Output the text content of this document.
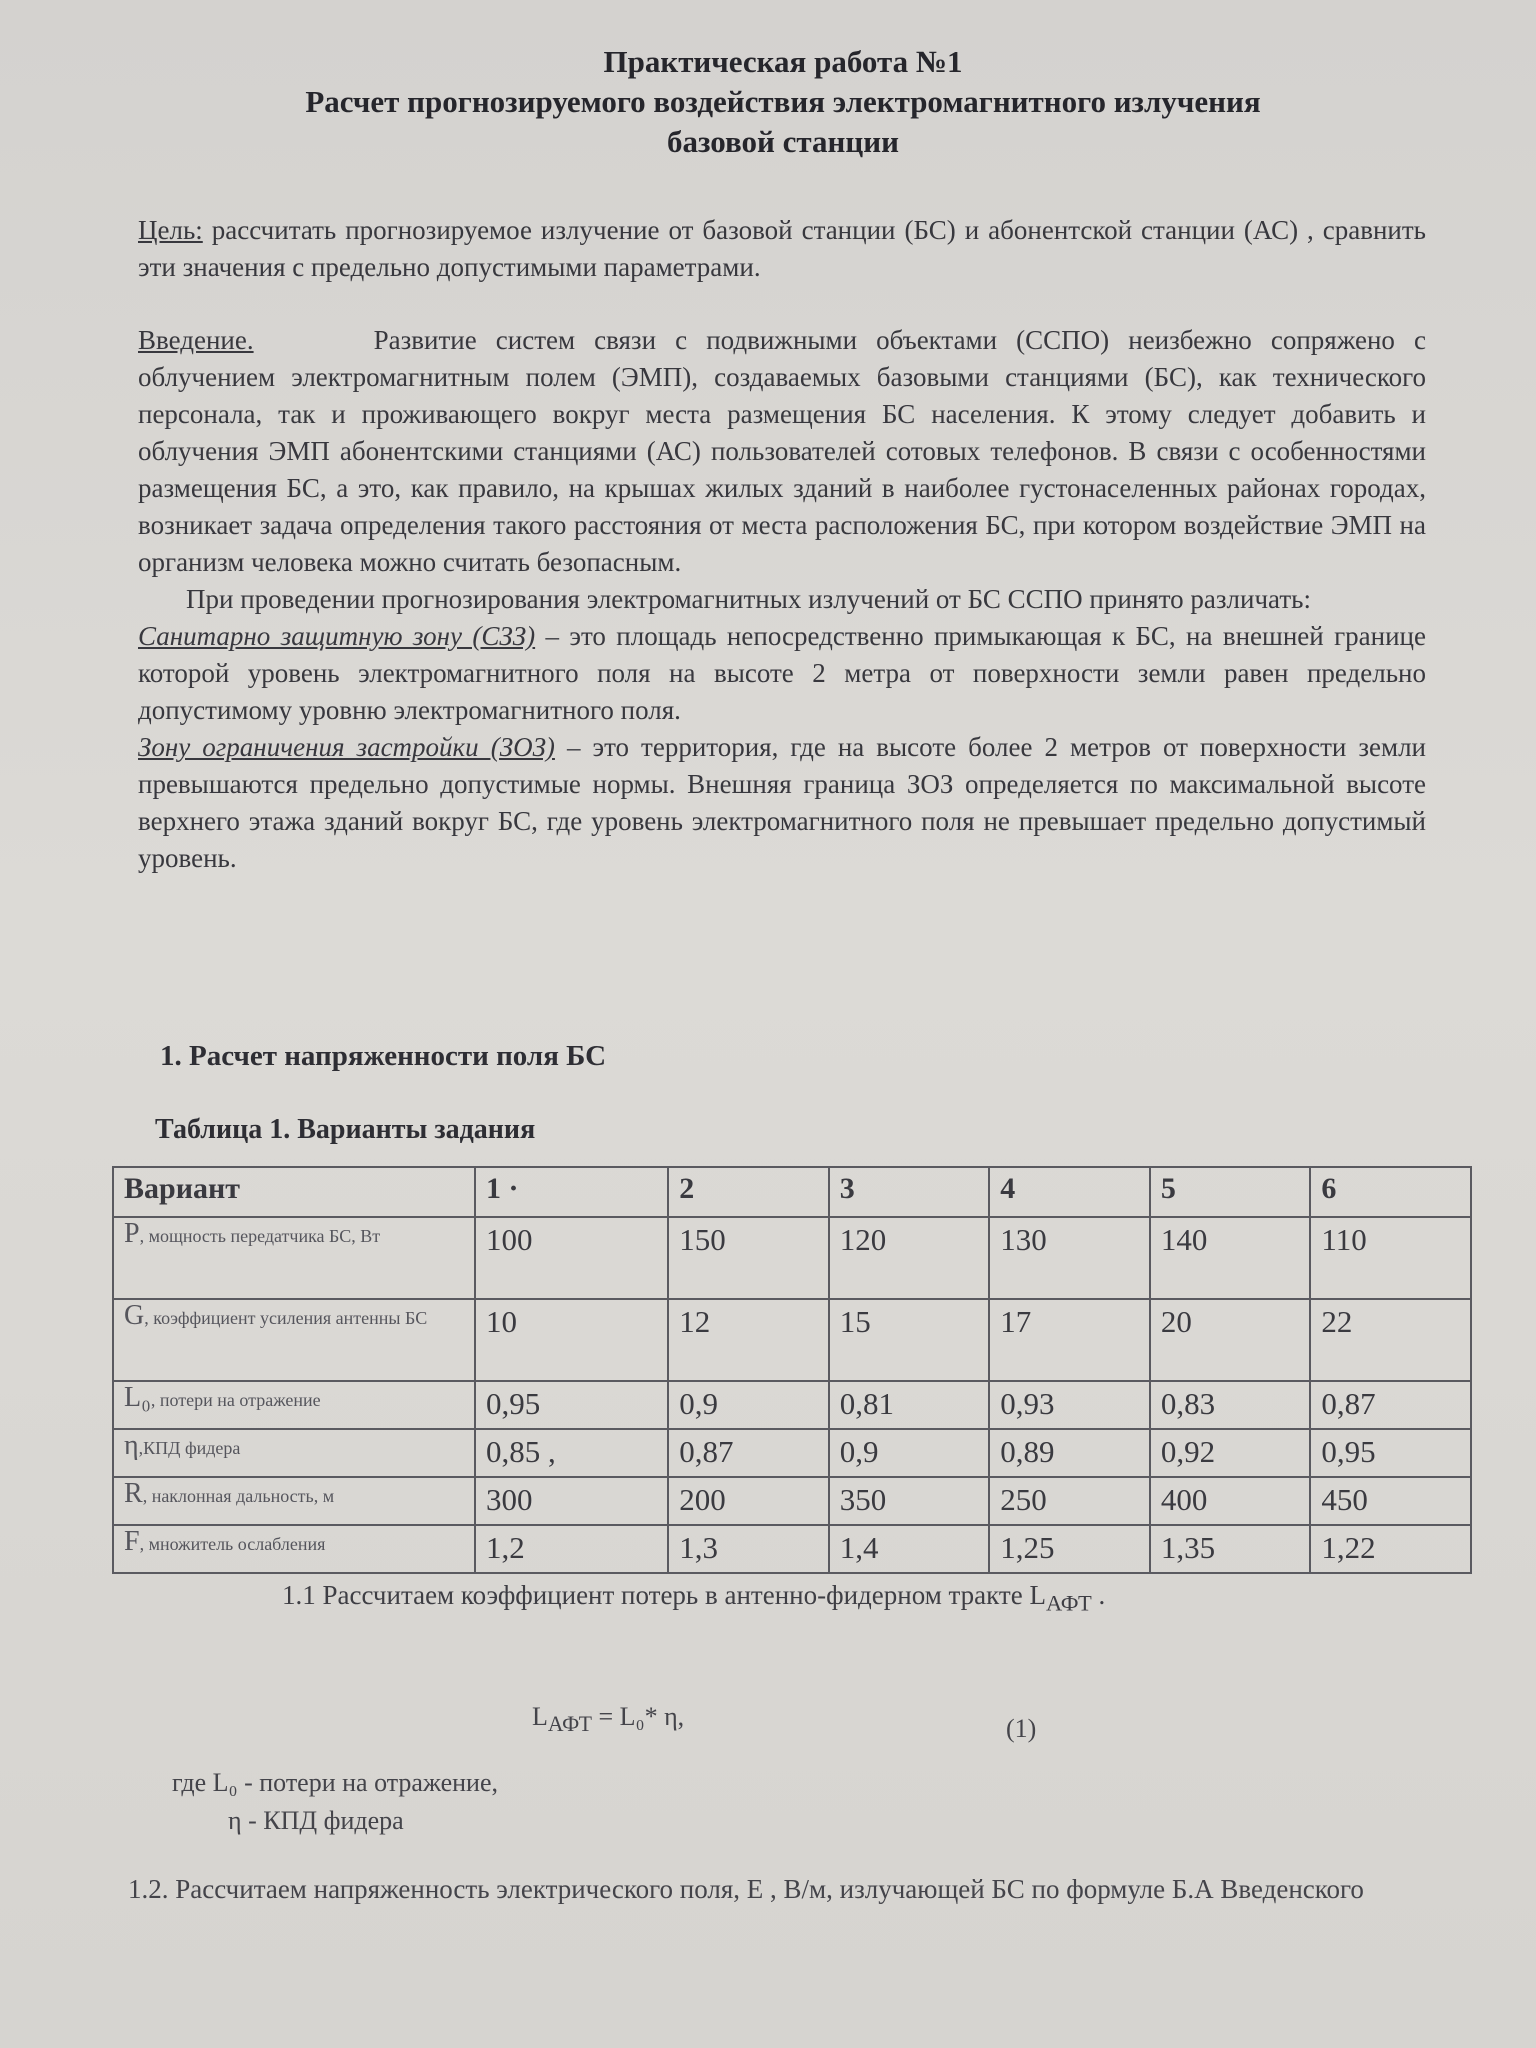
Практическая работа №1
Расчет прогнозируемого воздействия электромагнитного излучения
базовой станции
Цель: рассчитать прогнозируемое излучение от базовой станции (БС) и абонентской станции (АС) , сравнить эти значения с предельно допустимыми параметрами.
Введение.	Развитие систем связи с подвижными объектами (ССПО) неизбежно сопряжено с облучением электромагнитным полем (ЭМП), создаваемых базовыми станциями (БС), как технического персонала, так и проживающего вокруг места размещения БС населения. К этому следует добавить и облучения ЭМП абонентскими станциями (АС) пользователей сотовых телефонов. В связи с особенностями размещения БС, а это, как правило, на крышах жилых зданий в наиболее густонаселенных районах городах, возникает задача определения такого расстояния от места расположения БС, при котором воздействие ЭМП на организм человека можно считать безопасным.
При проведении прогнозирования электромагнитных излучений от БС ССПО принято различать:
Санитарно защитную зону (СЗЗ) – это площадь непосредственно примыкающая к БС, на внешней границе которой уровень электромагнитного поля на высоте 2 метра от поверхности земли равен предельно допустимому уровню электромагнитного поля.
Зону ограничения застройки (ЗОЗ) – это территория, где на высоте более 2 метров от поверхности земли превышаются предельно допустимые нормы. Внешняя граница ЗОЗ определяется по максимальной высоте верхнего этажа зданий вокруг БС, где уровень электромагнитного поля не превышает предельно допустимый уровень.
1. Расчет напряженности поля БС
Таблица 1. Варианты задания
Вариант	1 ·	2	3	4	5	6
P, мощность передатчика БС, Вт	100	150	120	130	140	110
G, коэффициент усиления антенны БС	10	12	15	17	20	22
L₀, потери на отражение	0,95	0,9	0,81	0,93	0,83	0,87
η,КПД фидера	0,85 ,	0,87	0,9	0,89	0,92	0,95
R, наклонная дальность, м	300	200	350	250	400	450
F, множитель ослабления	1,2	1,3	1,4	1,25	1,35	1,22
1.1 Рассчитаем коэффициент потерь в антенно-фидерном тракте $L_{АФТ}$ .
$L_{АФТ} = L_0*$ η,	(1)
где L₀ - потери на отражение,
η - КПД фидера
1.2. Рассчитаем напряженность электрического поля, Е , В/м, излучающей БС по формуле Б.А Введенского
